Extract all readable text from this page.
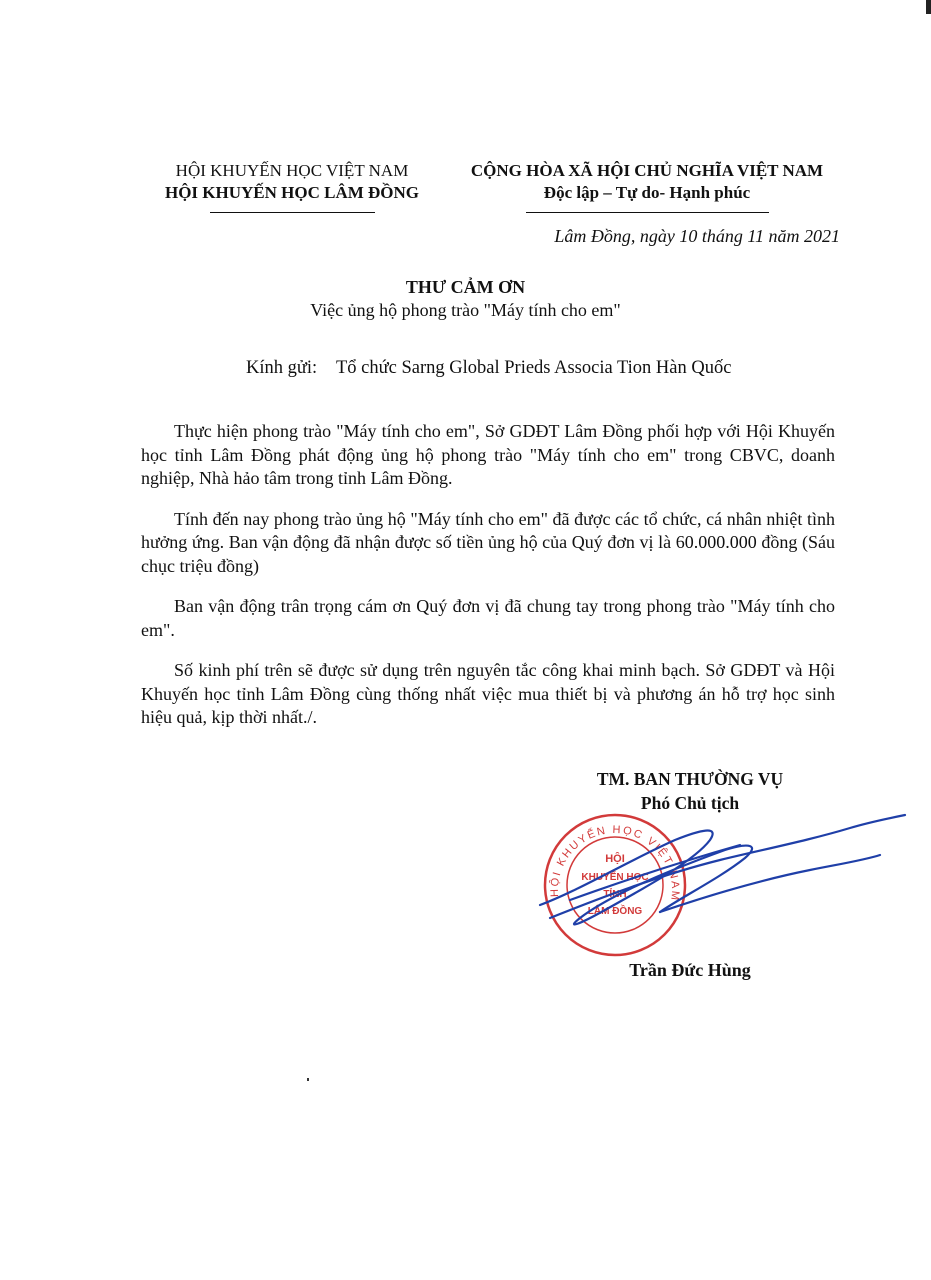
HỘI KHUYẾN HỌC VIỆT NAM
HỘI KHUYẾN HỌC LÂM ĐỒNG
CỘNG HÒA XÃ HỘI CHỦ NGHĨA VIỆT NAM
Độc lập – Tự do- Hạnh phúc
Lâm Đồng, ngày 10 tháng 11 năm 2021
THƯ CẢM ƠN
Việc ủng hộ phong trào "Máy tính cho em"
Kính gửi: Tổ chức Sarng Global Prieds Associa Tion Hàn Quốc

Thực hiện phong trào "Máy tính cho em", Sở GDĐT Lâm Đồng phối hợp với Hội Khuyến học tỉnh Lâm Đồng phát động ủng hộ phong trào "Máy tính cho em" trong CBVC, doanh nghiệp, Nhà hảo tâm trong tỉnh Lâm Đồng.

Tính đến nay phong trào ủng hộ "Máy tính cho em" đã được các tổ chức, cá nhân nhiệt tình hưởng ứng. Ban vận động đã nhận được số tiền ủng hộ của Quý đơn vị là 60.000.000 đồng (Sáu chục triệu đồng)

Ban vận động trân trọng cám ơn Quý đơn vị đã chung tay trong phong trào "Máy tính cho em".

Số kinh phí trên sẽ được sử dụng trên nguyên tắc công khai minh bạch. Sở GDĐT và Hội Khuyến học tỉnh Lâm Đồng cùng thống nhất việc mua thiết bị và phương án hỗ trợ học sinh hiệu quả, kịp thời nhất./.

TM. BAN THƯỜNG VỤ
Phó Chủ tịch
HỘI KHUYẾN HỌC VIỆT NAM
HỘI
KHUYẾN HỌC
TỈNH
LÂM ĐỒNG
Trần Đức Hùng
